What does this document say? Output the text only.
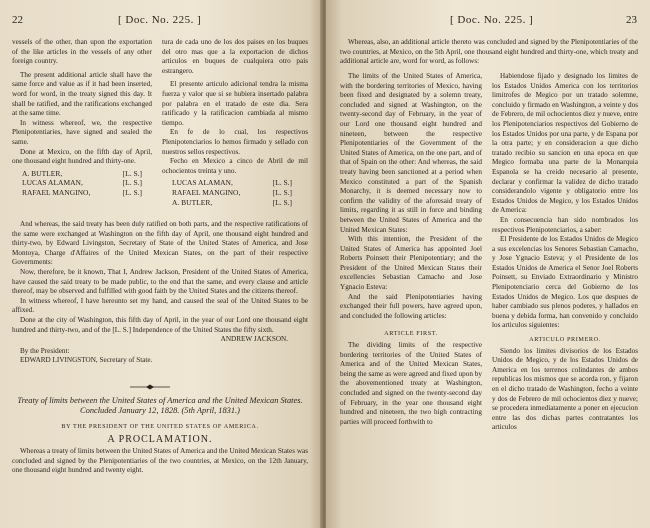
22	[ Doc. No. 225. ]

vessels of the other, than upon the exportation of the like articles in the vessels of any other foreign country.

The present additional article shall have the same force and value as if it had been inserted, word for word, in the treaty signed this day. It shall be ratified, and the ratifications exchanged at the same time.

In witness whereof, we, the respective Plenipotentiaries, have signed and sealed the same.

Done at Mexico, on the fifth day of April, one thousand eight hundred and thirty-one.

A. BUTLER,	[L. S.]
LUCAS ALAMAN,	[L. S.]
RAFAEL MANGINO,	[L. S.]

tura de cada uno de los dos paises en los buques del otro mas que a la exportacion de dichos articulos en buques de cualquiera otro pais estrangero.

El presente articulo adicional tendra la misma fuerza y valor que si se hubiera insertado palabra por palabra en el tratado de este dia. Sera ratificado y la ratificacion cambiada al mismo tiempo.

En fe de lo cual, los respectivos Plenipotenciarios lo hemos firmado y sellado con nuestros sellos respectivos.

Fecho en Mexico a cinco de Abril de mil ochocientos treinta y uno.

LUCAS ALAMAN,	[L. S.]
RAFAEL MANGINO,	[L. S.]
A. BUTLER,	[L. S.]

And whereas, the said treaty has been duly ratified on both parts, and the respective ratifications of the same were exchanged at Washington on the fifth day of April, one thousand eight hundred and thirty-two, by Edward Livingston, Secretary of State of the United States of America, and Jose Montoya, Charge d'Affaires of the United Mexican States, on the part of their respective Governments:

Now, therefore, be it known, That I, Andrew Jackson, President of the United States of America, have caused the said treaty to be made public, to the end that the same, and every clause and article thereof, may be observed and fulfilled with good faith by the United States and the citizens thereof.

In witness whereof, I have hereunto set my hand, and caused the seal of the United States to be affixed.

Done at the city of Washington, this fifth day of April, in the year of our Lord one thousand eight hundred and thirty-two, and of the [L. S.] Independence of the United States the fifty sixth.

ANDREW JACKSON.

By the President:

EDWARD LIVINGSTON, Secretary of State.

Treaty of limits between the United States of America and the United Mexican States. Concluded January 12, 1828. (5th April, 1831.)
BY THE PRESIDENT OF THE UNITED STATES OF AMERICA.
A PROCLAMATION.

Whereas a treaty of limits between the United States of America and the United Mexican States was concluded and signed by the Plenipotentiaries of the two countries, at Mexico, on the 12th January, one thousand eight hundred and twenty eight.

[ Doc. No. 225. ]	23

Whereas, also, an additional article thereto was concluded and signed by the Plenipotentiaries of the two countries, at Mexico, on the 5th April, one thousand eight hundred and thirty-one, which treaty and additional article are, word for word, as follows:

The limits of the United States of America, with the bordering territories of Mexico, having been fixed and designated by a solemn treaty, concluded and signed at Washington, on the twenty-second day of February, in the year of our Lord one thousand eight hundred and nineteen, between the respective Plenipotentiaries of the Government of the United States of America, on the one part, and of that of Spain on the other: And whereas, the said treaty having been sanctioned at a period when Mexico constituted a part of the Spanish Monarchy, it is deemed necessary now to confirm the validity of the aforesaid treaty of limits, regarding it as still in force and binding between the United States of America and the United Mexican States:

With this intention, the President of the United States of America has appointed Joel Roberts Poinsett their Plenipotentiary; and the President of the United Mexican States their excellencies Sebastian Camacho and Jose Ygnacio Esteva:

And the said Plenipotentiaries having exchanged their full powers, have agreed upon, and concluded the following articles:

ARTICLE FIRST.

The dividing limits of the respective bordering territories of the United States of America and of the United Mexican States, being the same as were agreed and fixed upon by the abovementioned treaty at Washington, concluded and signed on the twenty-second day of February, in the year one thousand eight hundred and nineteen, the two high contracting parties will proceed forthwith to

Habiendose fijado y designado los limites de los Estados Unidos America con los territorios limitrofes de Megico por un tratado solemne, concluido y firmado en Washington, a veinte y dos de Febrero, de mil ochocientos diez y nueve, entre los Plenipotenciarios respectivos del Gobierno de los Estados Unidos por una parte, y de Espana por la otra parte; y en consideracion a que dicho tratado recibio su sancion en una epoca en que Megico formaba una parte de la Monarquia Espanola se ha creido necesario al presente, declarar y confirmar la validez de dicho tratado considerandolo vigente y obligatorio entre los Estados Unidos de Megico, y los Estados Unidos de America:

En consecuencia han sido nombrados los respectivos Plenipotenciarios, a saber:

El Presidente de los Estados Unidos de Megico a sus excelencias los Senores Sebastian Camacho, y Jose Ygnacio Esteva; y el Presidente de los Estados Unidos de America el Senor Joel Roberts Poinsett, su Enviado Extraordinario y Ministro Plenipotenciario cerca del Gobierno de los Estados Unidos de Megico. Los que despues de haber cambiado sus plenos poderes, y hallados en buena y debida forma, han convenido y concluido los articulos siguientes:

ARTICULO PRIMERO.

Siendo los limites divisorios de los Estados Unidos de Megico, y de los Estados Unidos de America en los terrenos colindantes de ambos republicas los mismos que se acorda ron, y fijaron en el dicho tratado de Washington, fecho a veinte y dos de Febrero de mil ochocientos diez y nueve; se procedera inmediatamente a poner en ejecucion entre las dos dichas partes contratantes los articulos
